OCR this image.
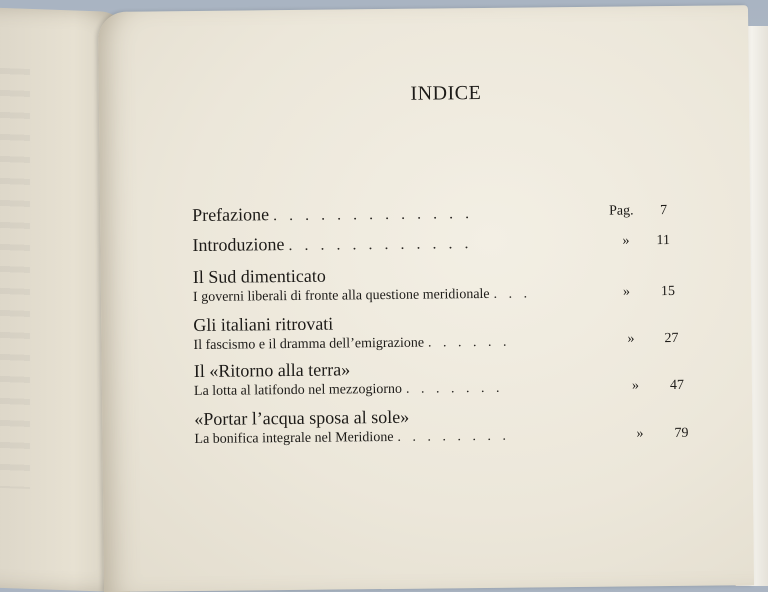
INDICE
Prefazione . . . . . . . . . . . . .	Pag. 7
Introduzione . . . . . . . . . . . .	» 11
Il Sud dimenticato
I governi liberali di fronte alla questione meridionale . . .	» 15
Gli italiani ritrovati
Il fascismo e il dramma dell’emigrazione . . . . . .	» 27
Il «Ritorno alla terra»
La lotta al latifondo nel mezzogiorno . . . . . . .	» 47
«Portar l’acqua sposa al sole»
La bonifica integrale nel Meridione . . . . . . . .	» 79
